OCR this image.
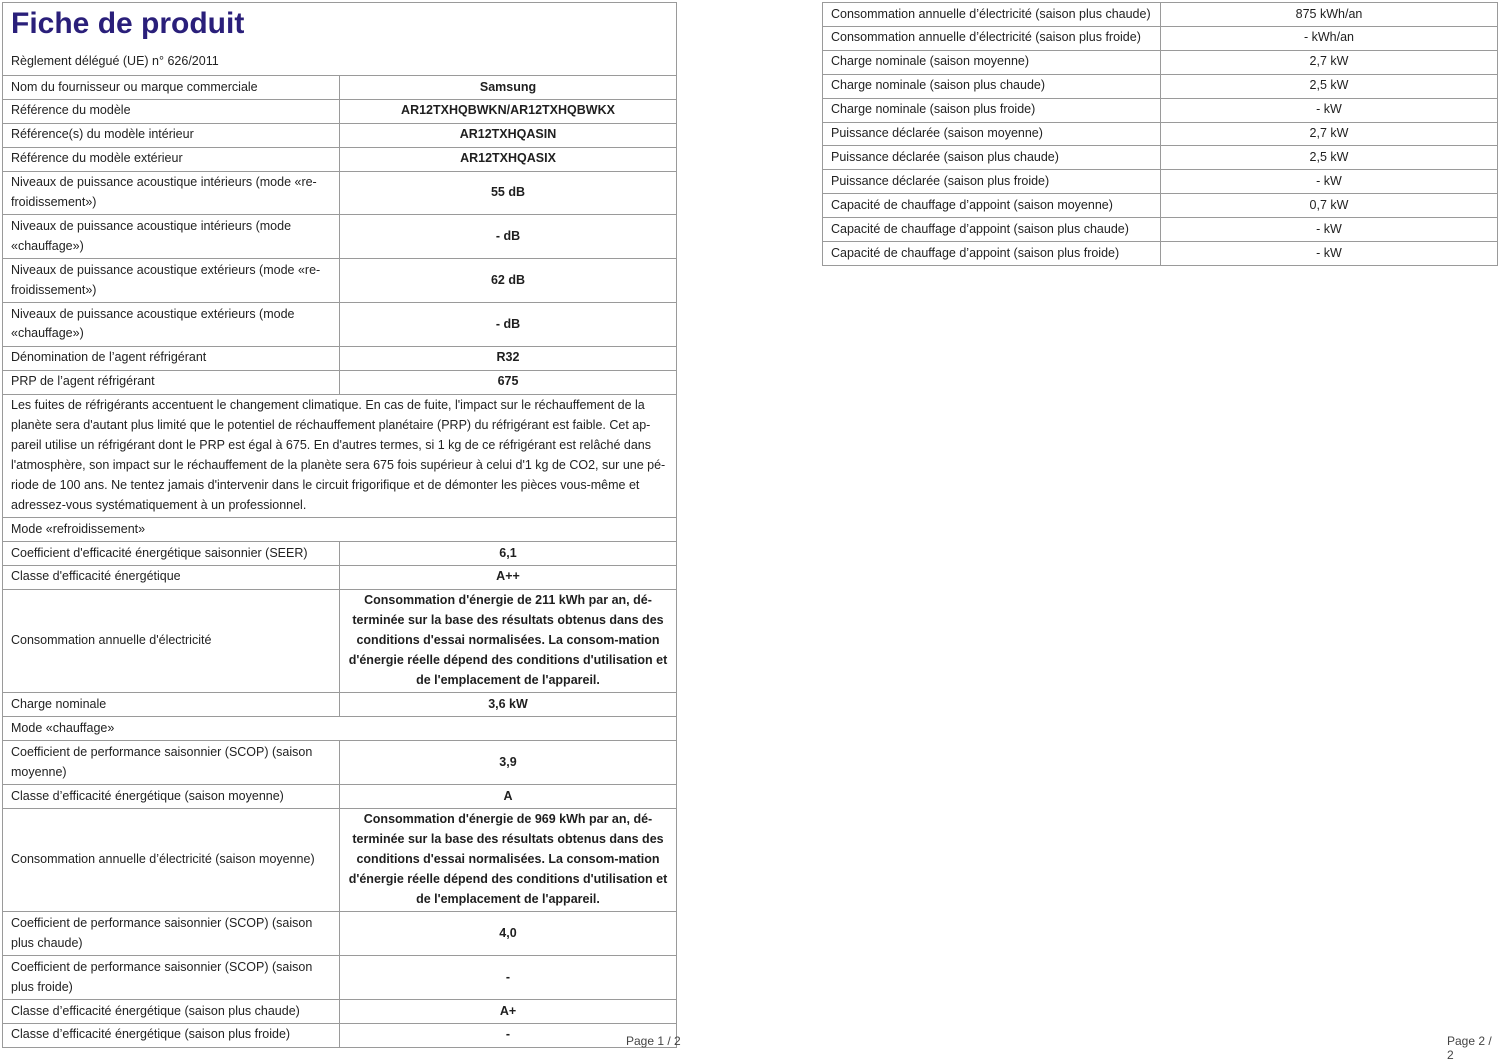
Fiche de produit
Règlement délégué (UE) n° 626/2011	

Nom du fournisseur ou marque commerciale	Samsung
Référence du modèle	AR12TXHQBWKN/AR12TXHQBWKX
Référence(s) du modèle intérieur	AR12TXHQASIN
Référence du modèle extérieur	AR12TXHQASIX
Niveaux de puissance acoustique intérieurs (mode «re-froidissement»)	55 dB
Niveaux de puissance acoustique intérieurs (mode «chauffage»)	- dB
Niveaux de puissance acoustique extérieurs (mode «re-froidissement»)	62 dB
Niveaux de puissance acoustique extérieurs (mode «chauffage»)	- dB
Dénomination de l’agent réfrigérant	R32
PRP de l’agent réfrigérant	675
Les fuites de réfrigérants accentuent le changement climatique. En cas de fuite, l'impact sur le réchauffement de la planète sera d'autant plus limité que le potentiel de réchauffement planétaire (PRP) du réfrigérant est faible. Cet ap-pareil utilise un réfrigérant dont le PRP est égal à 675. En d'autres termes, si 1 kg de ce réfrigérant est relâché dans l'atmosphère, son impact sur le réchauffement de la planète sera 675 fois supérieur à celui d'1 kg de CO2, sur une pé-riode de 100 ans. Ne tentez jamais d'intervenir dans le circuit frigorifique et de démonter les pièces vous-même et adressez-vous systématiquement à un professionnel.	
Mode «refroidissement»	
Coefficient d'efficacité énergétique saisonnier (SEER)	6,1
Classe d'efficacité énergétique	A++
Consommation annuelle d'électricité	Consommation d'énergie de 211 kWh par an, dé-terminée sur la base des résultats obtenus dans des conditions d'essai normalisées. La consom-mation d'énergie réelle dépend des conditions d'utilisation et de l'emplacement de l'appareil.
Charge nominale	3,6 kW
Mode «chauffage»	
Coefficient de performance saisonnier (SCOP) (saison moyenne)	3,9
Classe d’efficacité énergétique (saison moyenne)	A
Consommation annuelle d’électricité (saison moyenne)	Consommation d'énergie de 969 kWh par an, dé-terminée sur la base des résultats obtenus dans des conditions d'essai normalisées. La consom-mation d'énergie réelle dépend des conditions d'utilisation et de l'emplacement de l'appareil.
Coefficient de performance saisonnier (SCOP) (saison plus chaude)	4,0
Coefficient de performance saisonnier (SCOP) (saison plus froide)	-
Classe d’efficacité énergétique (saison plus chaude)	A+
Classe d’efficacité énergétique (saison plus froide)	-	Page 1 / 2
Consommation annuelle d’électricité (saison plus chaude)	875 kWh/an
Consommation annuelle d’électricité (saison plus froide)	- kWh/an
Charge nominale (saison moyenne)	2,7 kW
Charge nominale (saison plus chaude)	2,5 kW
Charge nominale (saison plus froide)	- kW
Puissance déclarée (saison moyenne)	2,7 kW
Puissance déclarée (saison plus chaude)	2,5 kW
Puissance déclarée (saison plus froide)	- kW
Capacité de chauffage d’appoint (saison moyenne)	0,7 kW
Capacité de chauffage d’appoint (saison plus chaude)	- kW
Capacité de chauffage d’appoint (saison plus froide)	- kW
Page 2 / 2
